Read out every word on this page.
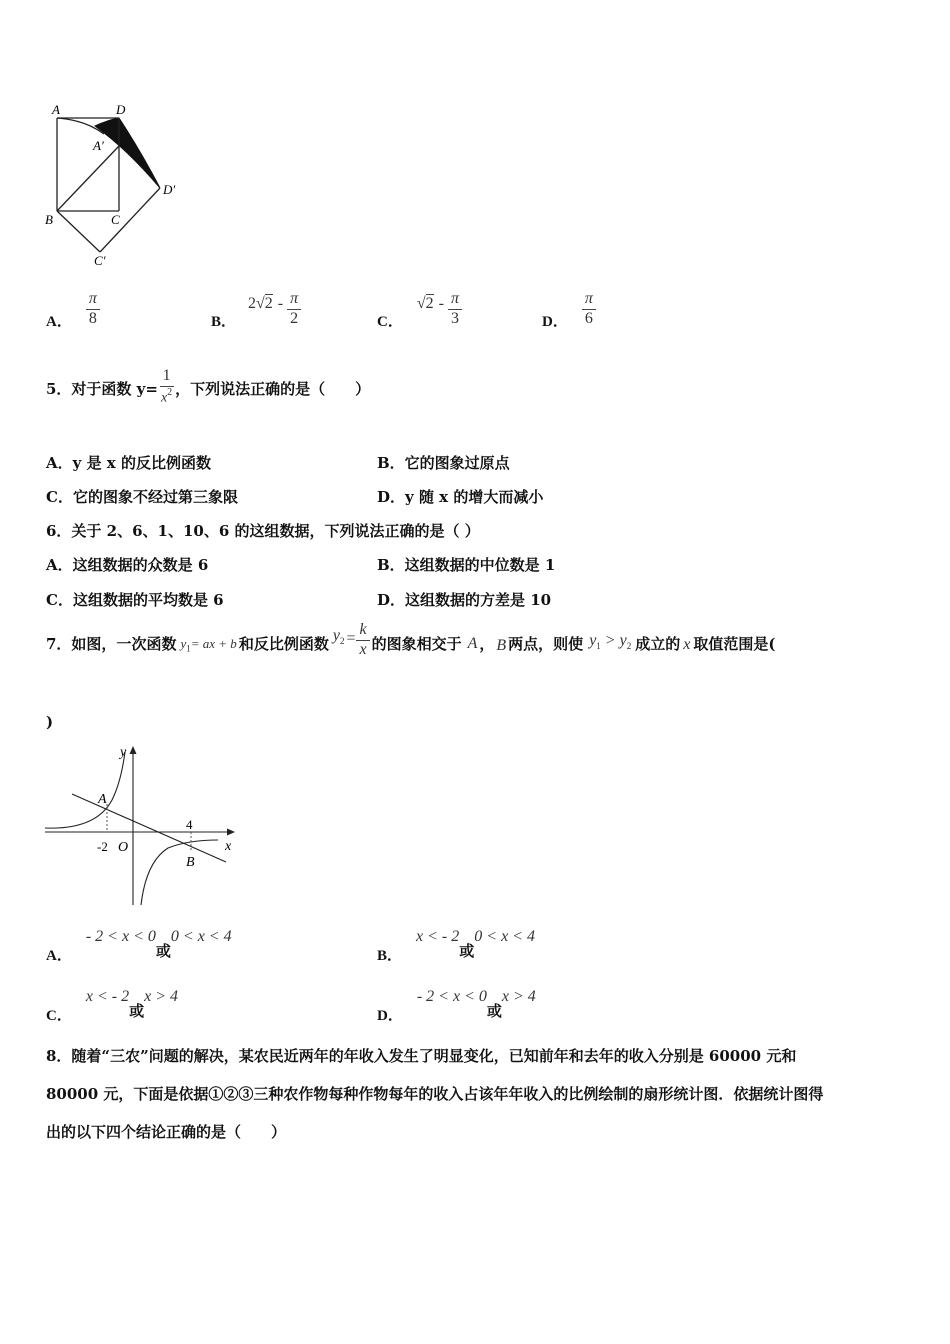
A	D
A′
D′
B	C
C′
A． $\frac{\pi}{8}$	B．
2 $√2 - \frac{\pi}{2}$	C．
$√2 - \frac{\pi}{3}$	D． $\frac{\pi}{6}$
5．对于函数 $y= \frac{1}{x^2}$ ，下列说法正确的是（　　）
A．y 是 x 的反比例函数	B．它的图象过原点
C．它的图象不经过第三象限	D．y 随 x 的增大而减小
6．关于 2、6、1、10、6 的这组数据，下列说法正确的是（ ）
A．这组数据的众数是 6	B．这组数据的中位数是 1
C．这组数据的平均数是 6	D．这组数据的方差是 10
7．如图，一次函数 $y_1=$ ax + b 和反比例函数 $y_2 = \frac{k}{x}$ 的图象相交于 A ， B 两点，则使 $y_1 > y_2$ 成立的 x 取值范围是(
)
y
x
A
B
O
-2
4
A．
- 2 < x < 0
或
0 < x < 4
B．
x < - 2
或
0 < x < 4
C．
x < - 2
或
x > 4
D．
- 2 < x < 0
或
x > 4
8．随着“三农”问题的解决，某农民近两年的年收入发生了明显变化，已知前年和去年的收入分别是 60000 元和
80000 元，下面是依据①②③三种农作物每种作物每年的收入占该年年收入的比例绘制的扇形统计图．依据统计图得
出的以下四个结论正确的是（　　）
